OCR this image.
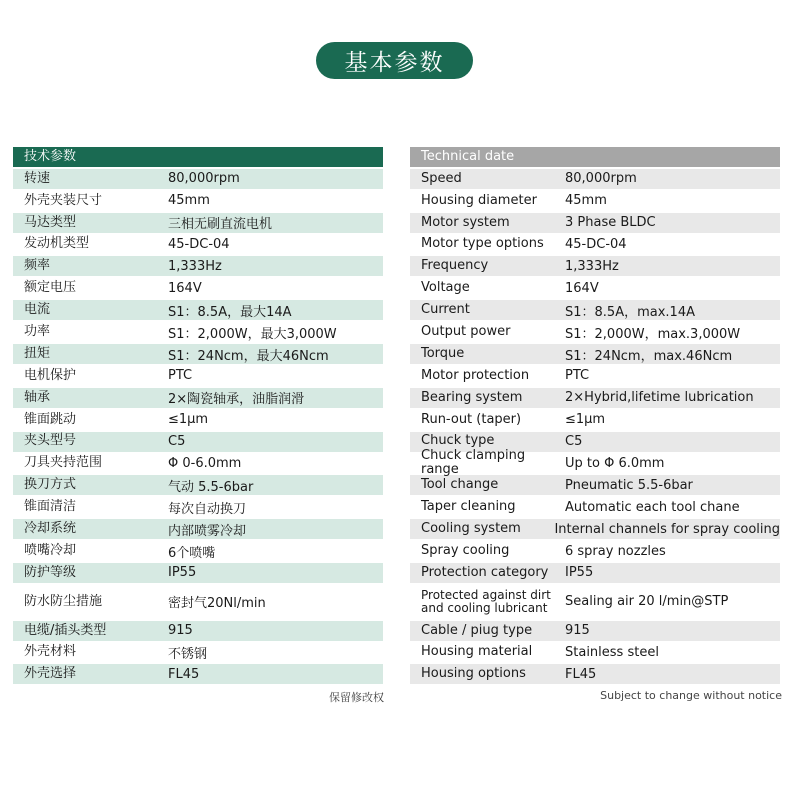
基本参数
技术参数
转速	80,000rpm
外壳夹装尺寸	45mm
马达类型	三相无刷直流电机
发动机类型	45-DC-04
频率	1,333Hz
额定电压	164V
电流	S1：8.5A，最大14A
功率	S1：2,000W，最大3,000W
扭矩	S1：24Ncm，最大46Ncm
电机保护	PTC
轴承	2×陶瓷轴承，油脂润滑
锥面跳动	≤1μm
夹头型号	C5
刀具夹持范围	Φ 0-6.0mm
换刀方式	气动 5.5-6bar
锥面清洁	每次自动换刀
冷却系统	内部喷雾冷却
喷嘴冷却	6个喷嘴
防护等级	IP55
防水防尘措施	密封气20Nl/min
电缆/插头类型	915
外壳材料	不锈钢
外壳选择	FL45
Technical date
Speed	80,000rpm
Housing diameter	45mm
Motor system	3 Phase BLDC
Motor type options	45-DC-04
Frequency	1,333Hz
Voltage	164V
Current	S1：8.5A，max.14A
Output power	S1：2,000W，max.3,000W
Torque	S1：24Ncm，max.46Ncm
Motor protection	PTC
Bearing system	2×Hybrid,lifetime lubrication
Run-out (taper)	≤1μm
Chuck type	C5
Chuck clamping range	Up to Φ 6.0mm
Tool change	Pneumatic 5.5-6bar
Taper cleaning	Automatic each tool chane
Cooling system	Internal channels for spray cooling
Spray cooling	6 spray nozzles
Protection category	IP55
Protected against dirt and cooling lubricant	Sealing air 20 l/min@STP
Cable / piug type	915
Housing material	Stainless steel
Housing options	FL45
保留修改权	Subject to change without notice
